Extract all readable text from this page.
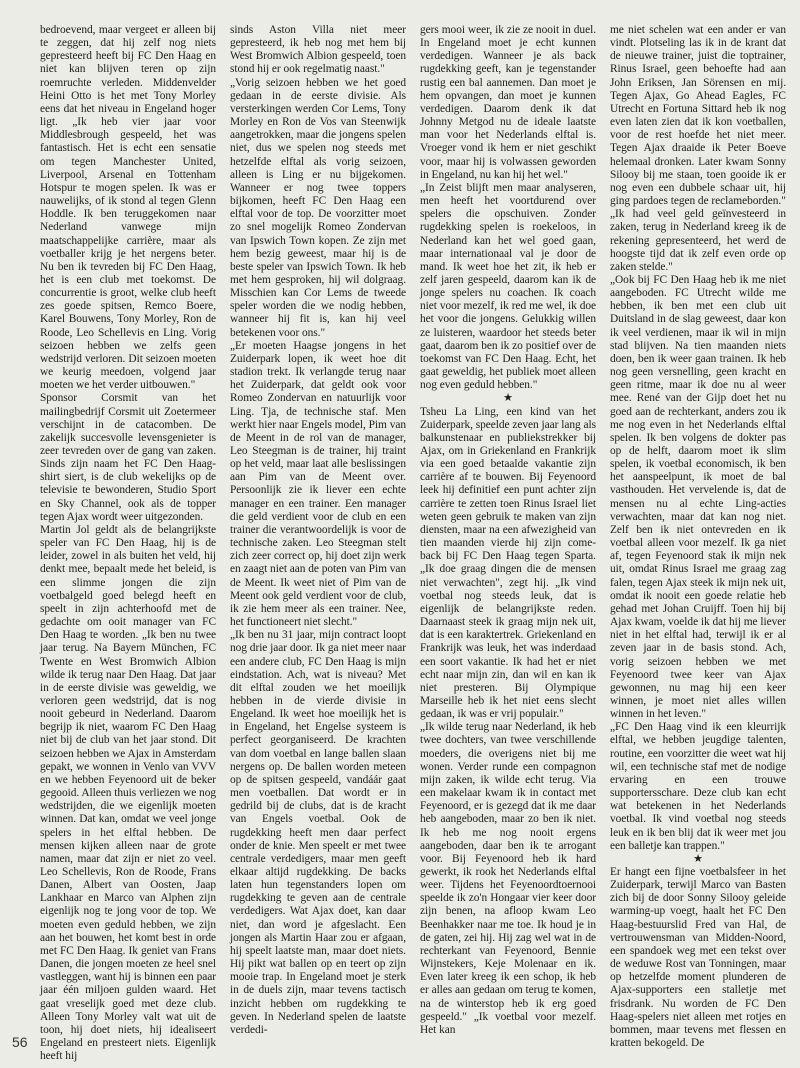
bedroevend, maar vergeet er alleen bij te zeggen, dat hij zelf nog niets gepresteerd heeft bij FC Den Haag en niet kan blijven teren op zijn roemruchte verleden. Middenvelder Heini Otto is het met Tony Morley eens dat het niveau in Engeland hoger ligt. „Ik heb vier jaar voor Middlesbrough gespeeld, het was fantastisch. Het is echt een sensatie om tegen Manchester United, Liverpool, Arsenal en Tottenham Hotspur te mogen spelen. Ik was er nauwelijks, of ik stond al tegen Glenn Hoddle. Ik ben teruggekomen naar Nederland vanwege mijn maatschappelijke carrière, maar als voetballer krijg je het nergens beter. Nu ben ik tevreden bij FC Den Haag, het is een club met toekomst. De concurrentie is groot, welke club heeft zes goede spitsen, Remco Boere, Karel Bouwens, Tony Morley, Ron de Roode, Leo Schellevis en Ling. Vorig seizoen hebben we zelfs geen wedstrijd verloren. Dit seizoen moeten we keurig meedoen, volgend jaar moeten we het verder uitbouwen."

Sponsor Corsmit van het mailingbedrijf Corsmit uit Zoetermeer verschijnt in de catacomben. De zakelijk succesvolle levensgenieter is zeer tevreden over de gang van zaken. Sinds zijn naam het FC Den Haag-shirt siert, is de club wekelijks op de televisie te bewonderen, Studio Sport en Sky Channel, ook als de topper tegen Ajax wordt weer uitgezonden.

Martin Jol geldt als de belangrijkste speler van FC Den Haag, hij is de leider, zowel in als buiten het veld, hij denkt mee, bepaalt mede het beleid, is een slimme jongen die zijn voetbalgeld goed belegd heeft en speelt in zijn achterhoofd met de gedachte om ooit manager van FC Den Haag te worden. „Ik ben nu twee jaar terug. Na Bayern München, FC Twente en West Bromwich Albion wilde ik terug naar Den Haag. Dat jaar in de eerste divisie was geweldig, we verloren geen wedstrijd, dat is nog nooit gebeurd in Nederland. Daarom begrijp ik niet, waarom FC Den Haag niet bij de club van het jaar stond. Dit seizoen hebben we Ajax in Amsterdam gepakt, we wonnen in Venlo van VVV en we hebben Feyenoord uit de beker gegooid. Alleen thuis verliezen we nog wedstrijden, die we eigenlijk moeten winnen. Dat kan, omdat we veel jonge spelers in het elftal hebben. De mensen kijken alleen naar de grote namen, maar dat zijn er niet zo veel. Leo Schellevis, Ron de Roode, Frans Danen, Albert van Oosten, Jaap Lankhaar en Marco van Alphen zijn eigenlijk nog te jong voor de top. We moeten even geduld hebben, we zijn aan het bouwen, het komt best in orde met FC Den Haag. Ik geniet van Frans Danen, die jongen moeten ze heel snel vastleggen, want hij is binnen een paar jaar één miljoen gulden waard. Het gaat vreselijk goed met deze club. Alleen Tony Morley valt wat uit de toon, hij doet niets, hij idealiseert Engeland en presteert niets. Eigenlijk heeft hij

sinds Aston Villa niet meer gepresteerd, ik heb nog met hem bij West Bromwich Albion gespeeld, toen stond hij er ook regelmatig naast."

„Vorig seizoen hebben we het goed gedaan in de eerste divisie. Als versterkingen werden Cor Lems, Tony Morley en Ron de Vos van Steenwijk aangetrokken, maar die jongens spelen niet, dus we spelen nog steeds met hetzelfde elftal als vorig seizoen, alleen is Ling er nu bijgekomen. Wanneer er nog twee toppers bijkomen, heeft FC Den Haag een elftal voor de top. De voorzitter moet zo snel mogelijk Romeo Zondervan van Ipswich Town kopen. Ze zijn met hem bezig geweest, maar hij is de beste speler van Ipswich Town. Ik heb met hem gesproken, hij wil dolgraag. Misschien kan Cor Lems de tweede speler worden die we nodig hebben, wanneer hij fit is, kan hij veel betekenen voor ons."

„Er moeten Haagse jongens in het Zuiderpark lopen, ik weet hoe dit stadion trekt. Ik verlangde terug naar het Zuiderpark, dat geldt ook voor Romeo Zondervan en natuurlijk voor Ling. Tja, de technische staf. Men werkt hier naar Engels model, Pim van de Meent in de rol van de manager, Leo Steegman is de trainer, hij traint op het veld, maar laat alle beslissingen aan Pim van de Meent over. Persoonlijk zie ik liever een echte manager en een trainer. Een manager die geld verdient voor de club en een trainer die verantwoordelijk is voor de technische zaken. Leo Steegman stelt zich zeer correct op, hij doet zijn werk en zaagt niet aan de poten van Pim van de Meent. Ik weet niet of Pim van de Meent ook geld verdient voor de club, ik zie hem meer als een trainer. Nee, het functioneert niet slecht."

„Ik ben nu 31 jaar, mijn contract loopt nog drie jaar door. Ik ga niet meer naar een andere club, FC Den Haag is mijn eindstation. Ach, wat is niveau? Met dit elftal zouden we het moeilijk hebben in de vierde divisie in Engeland. Ik weet hoe moeilijk het is in Engeland, het Engelse systeem is perfect georganiseerd. De krachten van dom voetbal en lange ballen slaan nergens op. De ballen worden meteen op de spitsen gespeeld, vandáár gaat men voetballen. Dat wordt er in gedrild bij de clubs, dat is de kracht van Engels voetbal. Ook de rugdekking heeft men daar perfect onder de knie. Men speelt er met twee centrale verdedigers, maar men geeft elkaar altijd rugdekking. De backs laten hun tegenstanders lopen om rugdekking te geven aan de centrale verdedigers. Wat Ajax doet, kan daar niet, dan word je afgeslacht. Een jongen als Martin Haar zou er afgaan, hij speelt laatste man, maar doet niets. Hij pikt wat ballen op en teert op zijn mooie trap. In Engeland moet je sterk in de duels zijn, maar tevens tactisch inzicht hebben om rugdekking te geven. In Nederland spelen de laatste verdedi-

gers mooi weer, ik zie ze nooit in duel. In Engeland moet je echt kunnen verdedigen. Wanneer je als back rugdekking geeft, kan je tegenstander rustig een bal aannemen. Dan moet je hem opvangen, dan moet je kunnen verdedigen. Daarom denk ik dat Johnny Metgod nu de ideale laatste man voor het Nederlands elftal is. Vroeger vond ik hem er niet geschikt voor, maar hij is volwassen geworden in Engeland, nu kan hij het wel."

„In Zeist blijft men maar analyseren, men heeft het voortdurend over spelers die opschuiven. Zonder rugdekking spelen is roekeloos, in Nederland kan het wel goed gaan, maar internationaal val je door de mand. Ik weet hoe het zit, ik heb er zelf jaren gespeeld, daarom kan ik de jonge spelers nu coachen. Ik coach niet voor mezelf, ik red me wel, ik doe het voor die jongens. Gelukkig willen ze luisteren, waardoor het steeds beter gaat, daarom ben ik zo positief over de toekomst van FC Den Haag. Echt, het gaat geweldig, het publiek moet alleen nog even geduld hebben."

★

Tsheu La Ling, een kind van het Zuiderpark, speelde zeven jaar lang als balkunstenaar en publiekstrekker bij Ajax, om in Griekenland en Frankrijk via een goed betaalde vakantie zijn carrière af te bouwen. Bij Feyenoord leek hij definitief een punt achter zijn carrière te zetten toen Rinus Israel liet weten geen gebruik te maken van zijn diensten, maar na een afwezigheid van tien maanden vierde hij zijn come-back bij FC Den Haag tegen Sparta. „Ik doe graag dingen die de mensen niet verwachten", zegt hij. „Ik vind voetbal nog steeds leuk, dat is eigenlijk de belangrijkste reden. Daarnaast steek ik graag mijn nek uit, dat is een karaktertrek. Griekenland en Frankrijk was leuk, het was inderdaad een soort vakantie. Ik had het er niet echt naar mijn zin, dan wil en kan ik niet presteren. Bij Olympique Marseille heb ik het niet eens slecht gedaan, ik was er vrij populair."

„Ik wilde terug naar Nederland, ik heb twee dochters, van twee verschillende moeders, die overigens niet bij me wonen. Verder runde een compagnon mijn zaken, ik wilde echt terug. Via een makelaar kwam ik in contact met Feyenoord, er is gezegd dat ik me daar heb aangeboden, maar zo ben ik niet. Ik heb me nog nooit ergens aangeboden, daar ben ik te arrogant voor. Bij Feyenoord heb ik hard gewerkt, ik rook het Nederlands elftal weer. Tijdens het Feyenoordtoernooi speelde ik zo'n Hongaar vier keer door zijn benen, na afloop kwam Leo Beenhakker naar me toe. Ik houd je in de gaten, zei hij. Hij zag wel wat in de rechterkant van Feyenoord, Bennie Wijnstekers, Keje Molenaar en ik. Even later kreeg ik een schop, ik heb er alles aan gedaan om terug te komen, na de winterstop heb ik erg goed gespeeld." „Ik voetbal voor mezelf. Het kan

me niet schelen wat een ander er van vindt. Plotseling las ik in de krant dat de nieuwe trainer, juist die toptrainer, Rinus Israel, geen behoefte had aan John Eriksen, Jan Sörensen en mij. Tegen Ajax, Go Ahead Eagles, FC Utrecht en Fortuna Sittard heb ik nog even laten zien dat ik kon voetballen, voor de rest hoefde het niet meer. Tegen Ajax draaide ik Peter Boeve helemaal dronken. Later kwam Sonny Silooy bij me staan, toen gooide ik er nog even een dubbele schaar uit, hij ging pardoes tegen de reclameborden."

„Ik had veel geld geïnvesteerd in zaken, terug in Nederland kreeg ik de rekening gepresenteerd, het werd de hoogste tijd dat ik zelf even orde op zaken stelde."

„Ook bij FC Den Haag heb ik me niet aangeboden. FC Utrecht wilde me hebben, ik ben met een club uit Duitsland in de slag geweest, daar kon ik veel verdienen, maar ik wil in mijn stad blijven. Na tien maanden niets doen, ben ik weer gaan trainen. Ik heb nog geen versnelling, geen kracht en geen ritme, maar ik doe nu al weer mee. René van der Gijp doet het nu goed aan de rechterkant, anders zou ik me nog even in het Nederlands elftal spelen. Ik ben volgens de dokter pas op de helft, daarom moet ik slim spelen, ik voetbal economisch, ik ben het aanspeelpunt, ik moet de bal vasthouden. Het vervelende is, dat de mensen nu al echte Ling-acties verwachten, maar dat kan nog niet. Zelf ben ik niet ontevreden en ik voetbal alleen voor mezelf. Ik ga niet af, tegen Feyenoord stak ik mijn nek uit, omdat Rinus Israel me graag zag falen, tegen Ajax steek ik mijn nek uit, omdat ik nooit een goede relatie heb gehad met Johan Cruijff. Toen hij bij Ajax kwam, voelde ik dat hij me liever niet in het elftal had, terwijl ik er al zeven jaar in de basis stond. Ach, vorig seizoen hebben we met Feyenoord twee keer van Ajax gewonnen, nu mag hij een keer winnen, je moet niet alles willen winnen in het leven."

„FC Den Haag vind ik een kleurrijk elftal, we hebben jeugdige talenten, routine, een voorzitter die weet wat hij wil, een technische staf met de nodige ervaring en een trouwe supportersschare. Deze club kan echt wat betekenen in het Nederlands voetbal. Ik vind voetbal nog steeds leuk en ik ben blij dat ik weer met jou een balletje kan trappen."

★

Er hangt een fijne voetbalsfeer in het Zuiderpark, terwijl Marco van Basten zich bij de door Sonny Silooy geleide warming-up voegt, haalt het FC Den Haag-bestuurslid Fred van Hal, de vertrouwensman van Midden-Noord, een spandoek weg met een tekst over de weduwe Rost van Tonningen, maar op hetzelfde moment plunderen de Ajax-supporters een stalletje met frisdrank. Nu worden de FC Den Haag-spelers niet alleen met rotjes en bommen, maar tevens met flessen en kratten bekogeld. De

56
